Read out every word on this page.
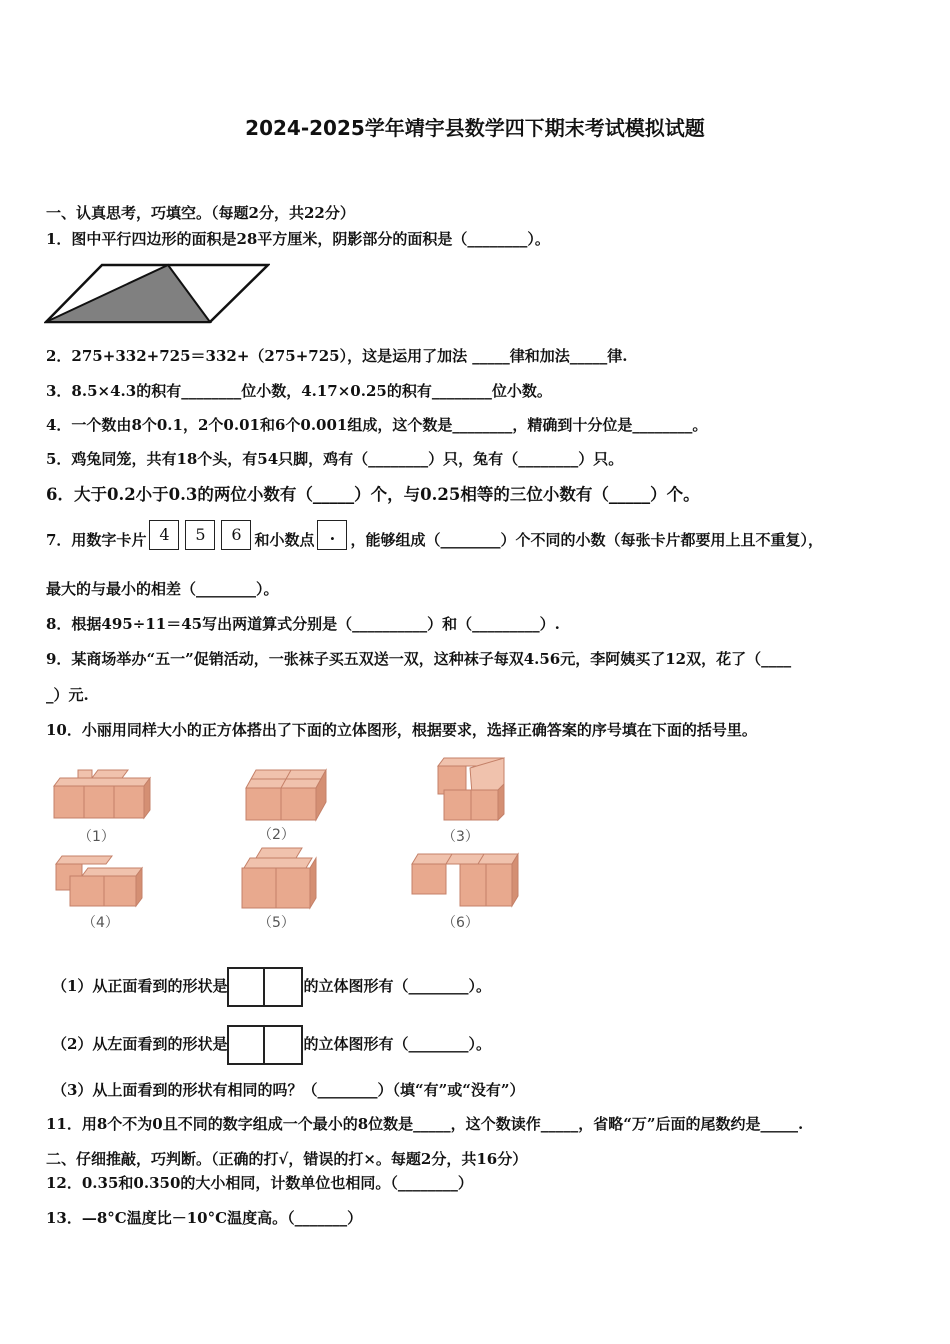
2024-2025学年靖宇县数学四下期末考试模拟试题
一、认真思考，巧填空。（每题2分，共22分）
1．图中平行四边形的面积是28平方厘米，阴影部分的面积是（________）。
2．275+332+725＝332+（275+725），这是运用了加法 _____律和加法_____律.
3．8.5×4.3的积有________位小数，4.17×0.25的积有________位小数。
4．一个数由8个0.1，2个0.01和6个0.001组成，这个数是________，精确到十分位是________。
5．鸡兔同笼，共有18个头，有54只脚，鸡有（________）只，兔有（________）只。
6．大于0.2小于0.3的两位小数有（_____）个，与0.25相等的三位小数有（_____）个。
7．用数字卡片 4 5 6 和小数点 . ，能够组成（________）个不同的小数（每张卡片都要用上且不重复），
最大的与最小的相差（________）。
8．根据495÷11＝45写出两道算式分别是（__________）和（_________）.
9．某商场举办“五一”促销活动，一张袜子买五双送一双，这种袜子每双4.56元，李阿姨买了12双，花了（____
_）元.
10．小丽用同样大小的正方体搭出了下面的立体图形，根据要求，选择正确答案的序号填在下面的括号里。
（1）	（2）	（3）
（4）	（5）	（6）
（1）从正面看到的形状是	的立体图形有（________）。
（2）从左面看到的形状是	的立体图形有（________）。
（3）从上面看到的形状有相同的吗？（________）（填“有”或“没有”）
11．用8个不为0且不同的数字组成一个最小的8位数是_____，这个数读作_____，省略“万”后面的尾数约是_____.
二、仔细推敲，巧判断。（正确的打√，错误的打×。每题2分，共16分）
12．0.35和0.350的大小相同，计数单位也相同。（________）
13．—8°C温度比－10°C温度高。（_______）
